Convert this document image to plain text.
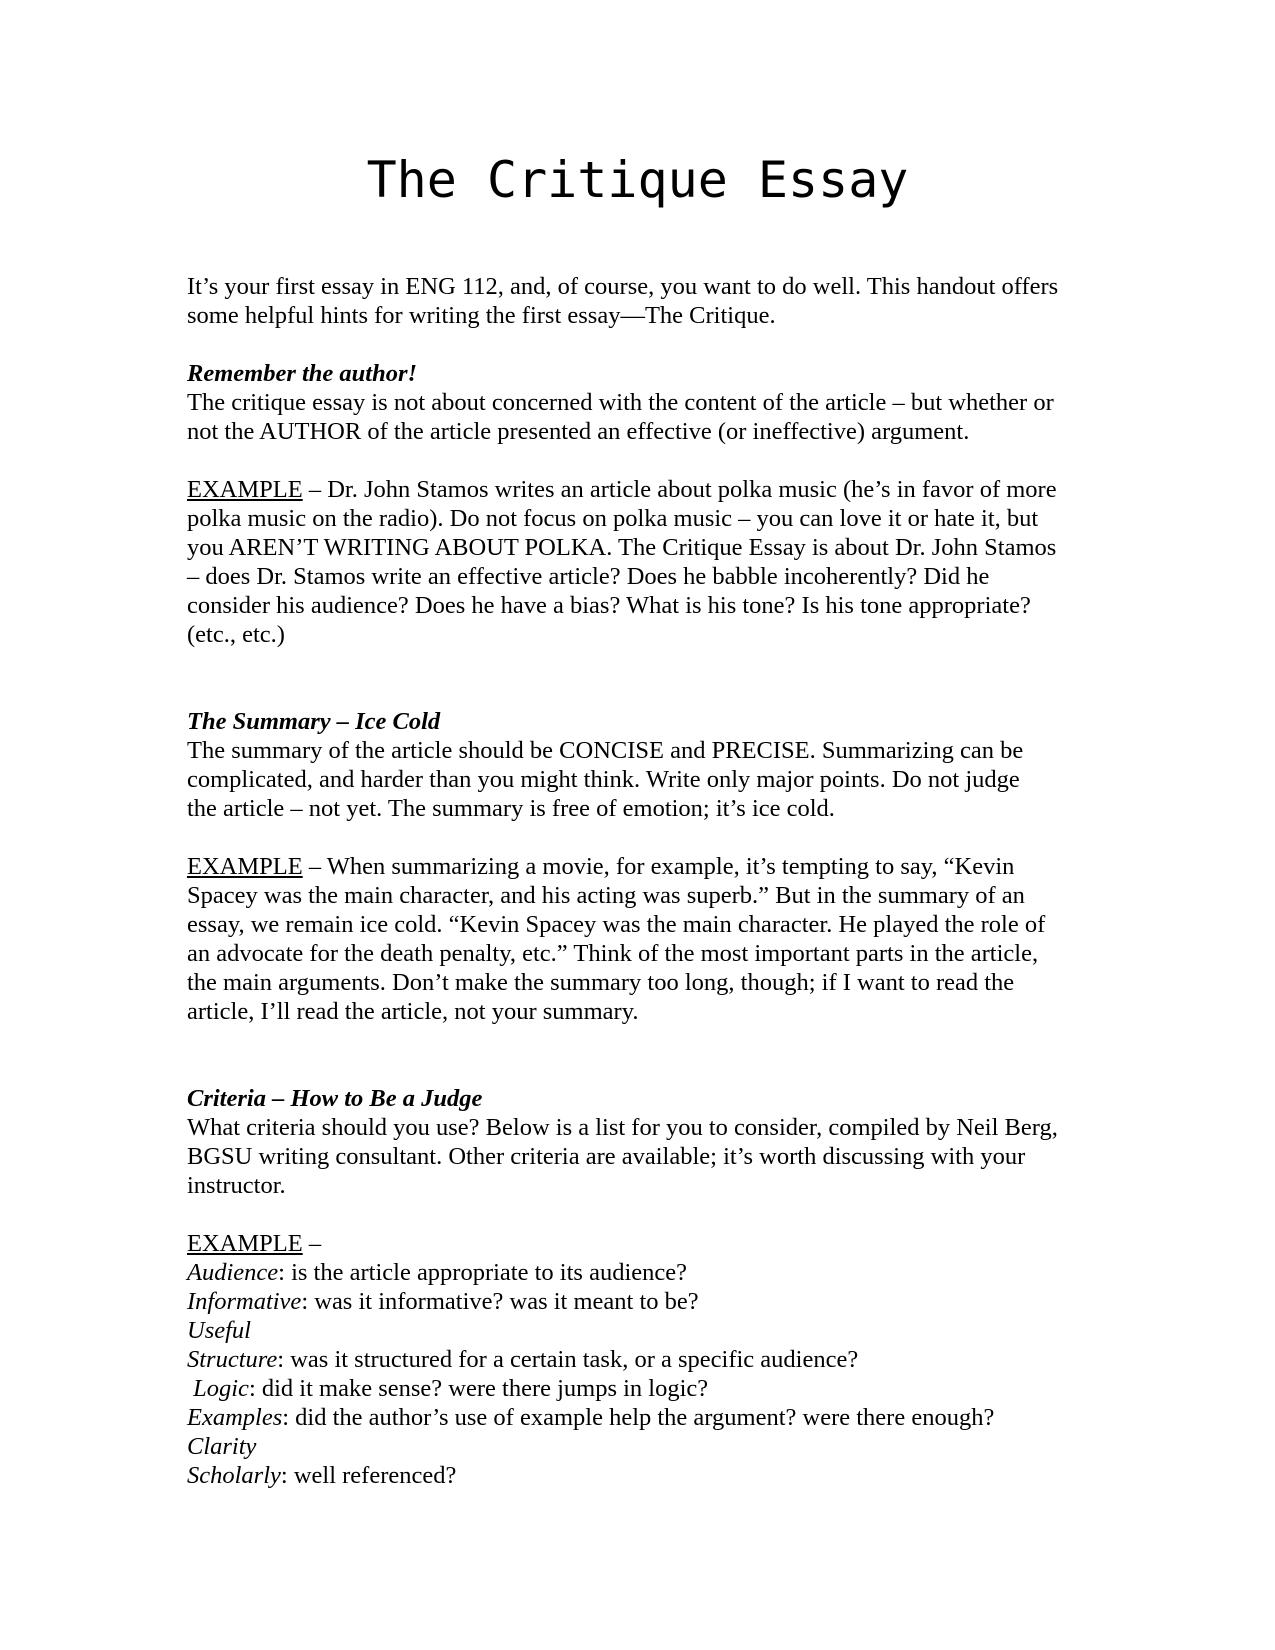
The Critique Essay

It’s your first essay in ENG 112, and, of course, you want to do well. This handout offers
some helpful hints for writing the first essay—The Critique.

Remember the author!

The critique essay is not about concerned with the content of the article – but whether or
not the AUTHOR of the article presented an effective (or ineffective) argument.

EXAMPLE – Dr. John Stamos writes an article about polka music (he’s in favor of more
polka music on the radio). Do not focus on polka music – you can love it or hate it, but
you AREN’T WRITING ABOUT POLKA. The Critique Essay is about Dr. John Stamos
– does Dr. Stamos write an effective article? Does he babble incoherently? Did he
consider his audience? Does he have a bias? What is his tone? Is his tone appropriate?
(etc., etc.)

The Summary – Ice Cold

The summary of the article should be CONCISE and PRECISE. Summarizing can be
complicated, and harder than you might think. Write only major points. Do not judge
the article – not yet. The summary is free of emotion; it’s ice cold.

EXAMPLE – When summarizing a movie, for example, it’s tempting to say, “Kevin
Spacey was the main character, and his acting was superb.” But in the summary of an
essay, we remain ice cold. “Kevin Spacey was the main character. He played the role of
an advocate for the death penalty, etc.” Think of the most important parts in the article,
the main arguments. Don’t make the summary too long, though; if I want to read the
article, I’ll read the article, not your summary.

Criteria – How to Be a Judge

What criteria should you use? Below is a list for you to consider, compiled by Neil Berg,
BGSU writing consultant. Other criteria are available; it’s worth discussing with your
instructor.

EXAMPLE –
Audience: is the article appropriate to its audience?
Informative: was it informative? was it meant to be?
Useful
Structure: was it structured for a certain task, or a specific audience?
Logic: did it make sense? were there jumps in logic?
Examples: did the author’s use of example help the argument? were there enough?
Clarity
Scholarly: well referenced?
